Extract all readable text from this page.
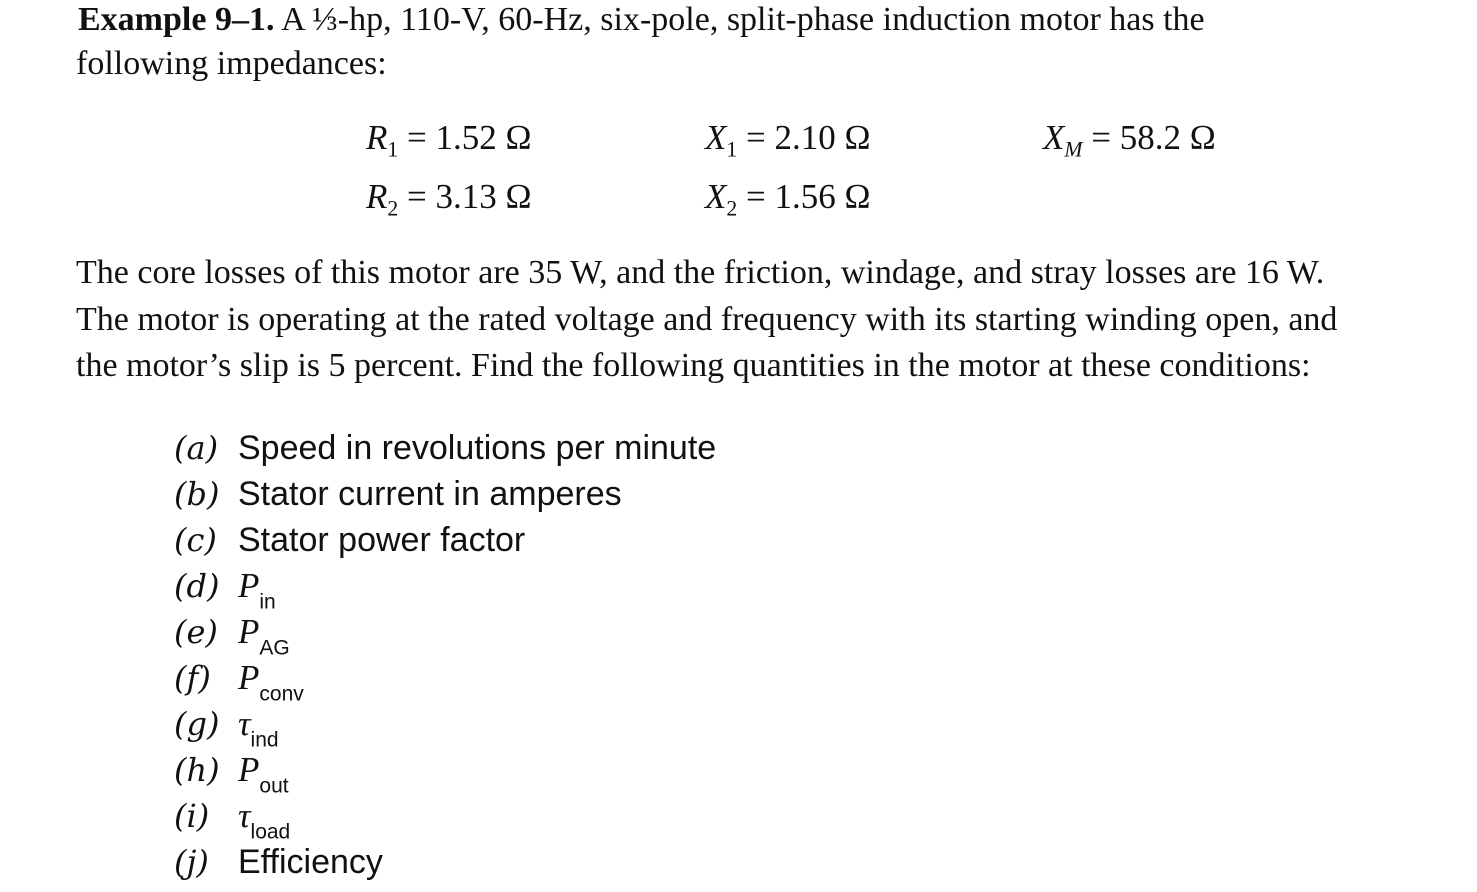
Example 9–1. A ⅓-hp, 110-V, 60-Hz, six-pole, split-phase induction motor has the
following impedances:
$R_1 = 1.52$ Ω	$X_1 = 2.10$ Ω	$X_M = 58.2$ Ω
$R_2 = 3.13$ Ω	$X_2 = 1.56$ Ω
The core losses of this motor are 35 W, and the friction, windage, and stray losses are 16 W.
The motor is operating at the rated voltage and frequency with its starting winding open, and
the motor’s slip is 5 percent. Find the following quantities in the motor at these conditions:
(a) Speed in revolutions per minute
(b) Stator current in amperes
(c) Stator power factor
(d) $P_{in}$
(e) $P_{AG}$
(f) $P_{conv}$
(g) $\tau_{ind}$
(h) $P_{out}$
(i) $\tau_{load}$
(j) Efficiency
